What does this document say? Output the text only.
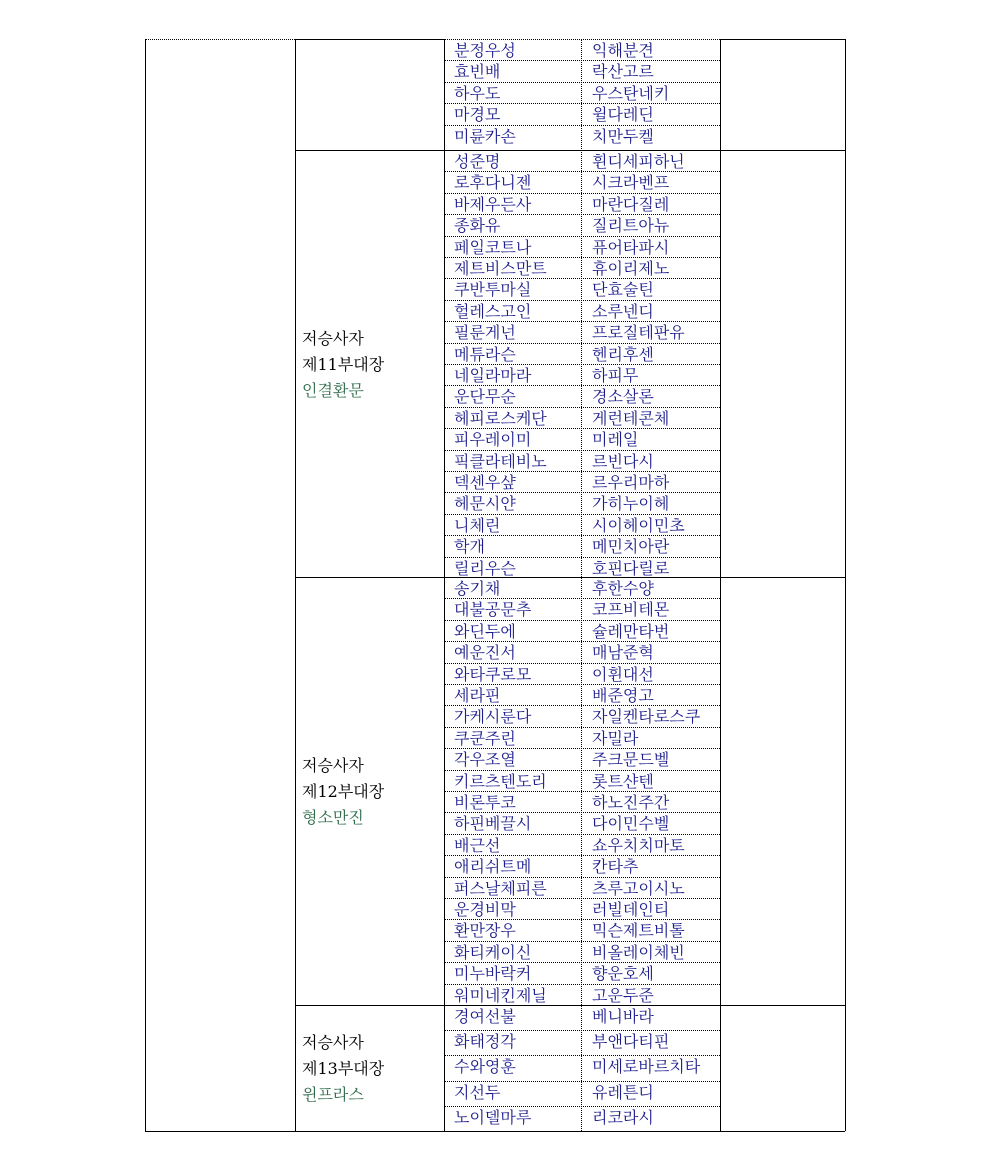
분정우성	익해분견
효빈배	락산고르
하우도	우스탄네키
마경모	윌다레딘
미륜카손	치만두켈
성준명	휜디세피하닌
로후다니젠	시크라벤프
바제우든사	마란다질레
종화유	질리트아뉴
페일코트나	퓨어타파시
제트비스만트	휴이리제노
쿠반투마실	단효술틴
헐레스고인	소루넨디
필룬게넌	프로질테판유
메튜라슨	헨리후센
네일라마라	하피무
운단무순	경소살론
헤피로스케단	게런테콘체
피우레이미	미레일
픽클라테비노	르빈다시
덱센우샾	르우리마하
헤문시얀	가히누이헤
니체린	시이헤이민초
학개	메민치아란
릴리우슨	호핀다릴로
저승사자
제11부대장
인결환문
송기채	후한수양
대불공문추	코프비테몬
와딘두에	슐레만타번
예운진서	매남준혁
와타쿠로모	이휜대선
세라핀	배준영고
가케시룬다	자일켄타로스쿠
쿠쿤주린	자밀라
각우조열	주크문드벨
키르츠텐도리	롯트샨텐
비론투코	하노진주간
하핀베끌시	다이민수벨
배근선	쇼우치치마토
애리쉬트메	칸타추
퍼스날체피른	츠루고이시노
운경비막	러빌데인티
환만장우	믹슨제트비톨
화티케이신	비올레이체빈
미누바락커	향운호세
워미네킨제닐	고운두준
저승사자
제12부대장
형소만진
경여선불	베니바라
화태정각	부앤다티핀
수와영훈	미세로바르치타
지선두	유레튼디
노이델마루	리코라시
저승사자
제13부대장
윈프라스
